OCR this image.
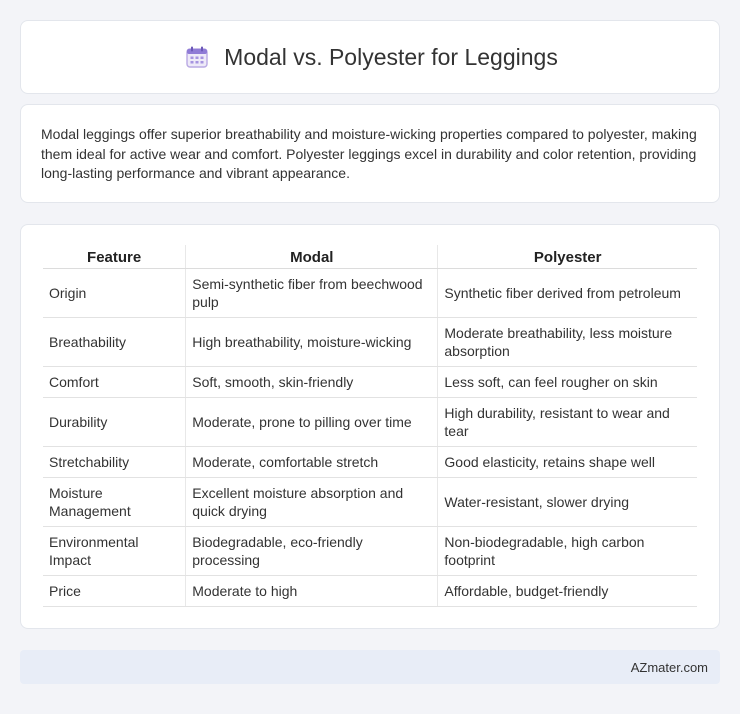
Modal vs. Polyester for Leggings

Modal leggings offer superior breathability and moisture-wicking properties compared to polyester, making them ideal for active wear and comfort. Polyester leggings excel in durability and color retention, providing long-lasting performance and vibrant appearance.

Feature	Modal	Polyester
Origin	Semi-synthetic fiber from beechwood pulp	Synthetic fiber derived from petroleum
Breathability	High breathability, moisture-wicking	Moderate breathability, less moisture absorption
Comfort	Soft, smooth, skin-friendly	Less soft, can feel rougher on skin
Durability	Moderate, prone to pilling over time	High durability, resistant to wear and tear
Stretchability	Moderate, comfortable stretch	Good elasticity, retains shape well
Moisture Management	Excellent moisture absorption and quick drying	Water-resistant, slower drying
Environmental Impact	Biodegradable, eco-friendly processing	Non-biodegradable, high carbon footprint
Price	Moderate to high	Affordable, budget-friendly
AZmater.com
